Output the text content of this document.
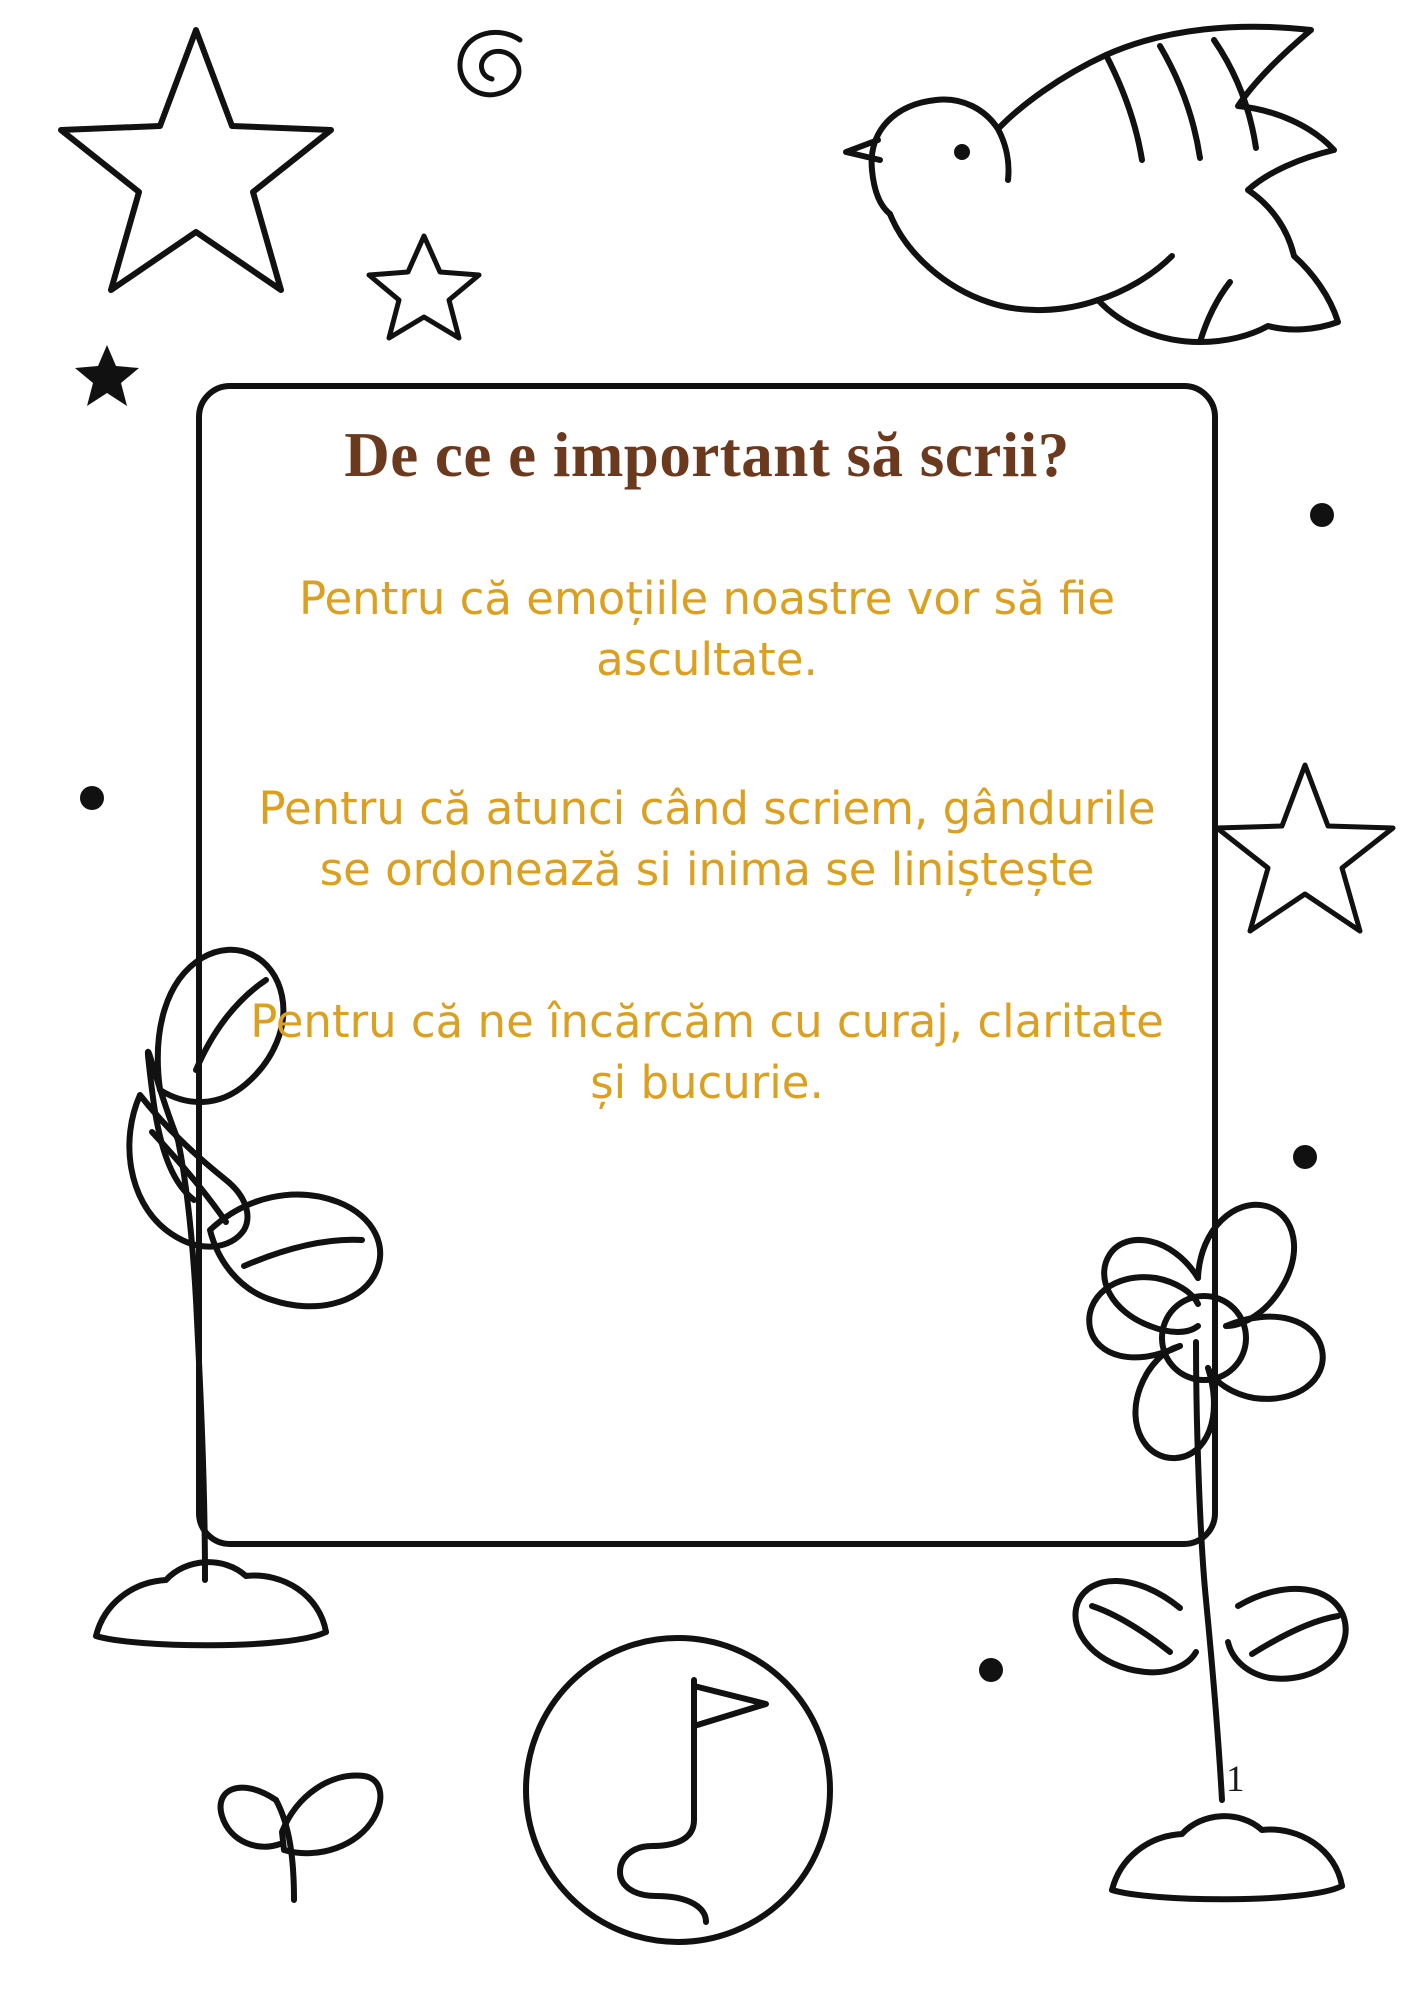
De ce e important să scrii?

Pentru că emoțiile noastre vor să fie ascultate.

Pentru că atunci când scriem, gândurile se ordonează si inima se liniștește

Pentru că ne încărcăm cu curaj, claritate și bucurie.

1
